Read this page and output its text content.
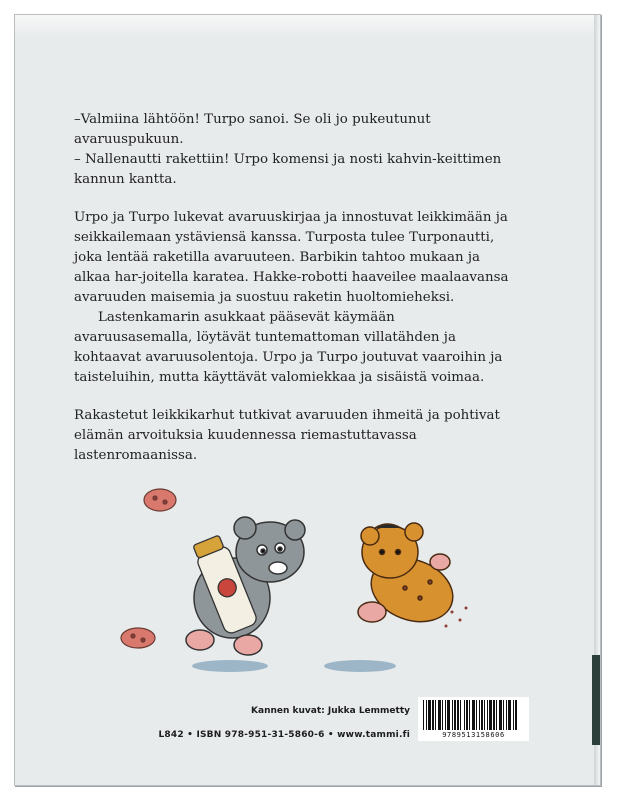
–Valmiina lähtöön! Turpo sanoi. Se oli jo pukeutunut avaruuspukuun.

– Nallenautti rakettiin! Urpo komensi ja nosti kahvin-keittimen kannun kantta.

Urpo ja Turpo lukevat avaruuskirjaa ja innostuvat leikkimään ja seikkailemaan ystäviensä kanssa. Turposta tulee Turponautti, joka lentää raketilla avaruuteen. Barbikin tahtoo mukaan ja alkaa har-joitella karatea. Hakke-robotti haaveilee maalaavansa avaruuden maisemia ja suostuu raketin huoltomieheksi.

Lastenkamarin asukkaat pääsevät käymään avaruusasemalla, löytävät tuntemattoman villatähden ja kohtaavat avaruusolentoja. Urpo ja Turpo joutuvat vaaroihin ja taisteluihin, mutta käyttävät valomiekkaa ja sisäistä voimaa.

Rakastetut leikkikarhut tutkivat avaruuden ihmeitä ja pohtivat elämän arvoituksia kuudennessa riemastuttavassa lastenromaanissa.

Kannen kuvat: Jukka Lemmetty
L842 • ISBN 978-951-31-5860-6 • www.tammi.fi	9789513158606
